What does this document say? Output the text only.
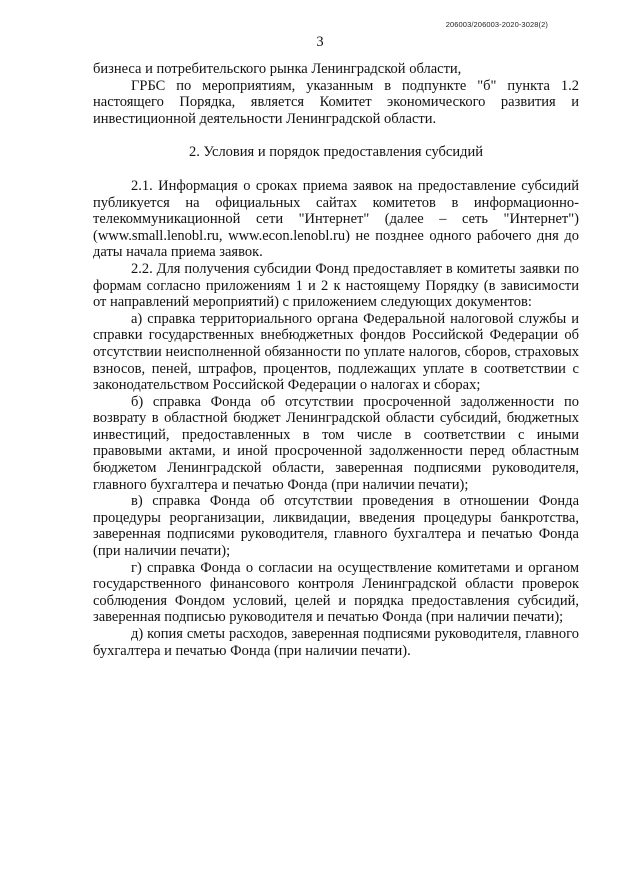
206003/206003-2020-3028(2)
3

бизнеса и потребительского рынка Ленинградской области,

ГРБС по мероприятиям, указанным в подпункте "б" пункта 1.2 настоящего Порядка, является Комитет экономического развития и инвестиционной деятельности Ленинградской области.

2. Условия и порядок предоставления субсидий

2.1. Информация о сроках приема заявок на предоставление субсидий публикуется на официальных сайтах комитетов в информационно-телекоммуникационной сети "Интернет" (далее – сеть "Интернет") (www.small.lenobl.ru, www.econ.lenobl.ru) не позднее одного рабочего дня до даты начала приема заявок.

2.2. Для получения субсидии Фонд предоставляет в комитеты заявки по формам согласно приложениям 1 и 2 к настоящему Порядку (в зависимости от направлений мероприятий) с приложением следующих документов:

а) справка территориального органа Федеральной налоговой службы и справки государственных внебюджетных фондов Российской Федерации об отсутствии неисполненной обязанности по уплате налогов, сборов, страховых взносов, пеней, штрафов, процентов, подлежащих уплате в соответствии с законодательством Российской Федерации о налогах и сборах;

б) справка Фонда об отсутствии просроченной задолженности по возврату в областной бюджет Ленинградской области субсидий, бюджетных инвестиций, предоставленных в том числе в соответствии с иными правовыми актами, и иной просроченной задолженности перед областным бюджетом Ленинградской области, заверенная подписями руководителя, главного бухгалтера и печатью Фонда (при наличии печати);

в) справка Фонда об отсутствии проведения в отношении Фонда процедуры реорганизации, ликвидации, введения процедуры банкротства, заверенная подписями руководителя, главного бухгалтера и печатью Фонда (при наличии печати);

г) справка Фонда о согласии на осуществление комитетами и органом государственного финансового контроля Ленинградской области проверок соблюдения Фондом условий, целей и порядка предоставления субсидий, заверенная подписью руководителя и печатью Фонда (при наличии печати);

д) копия сметы расходов, заверенная подписями руководителя, главного бухгалтера и печатью Фонда (при наличии печати).
